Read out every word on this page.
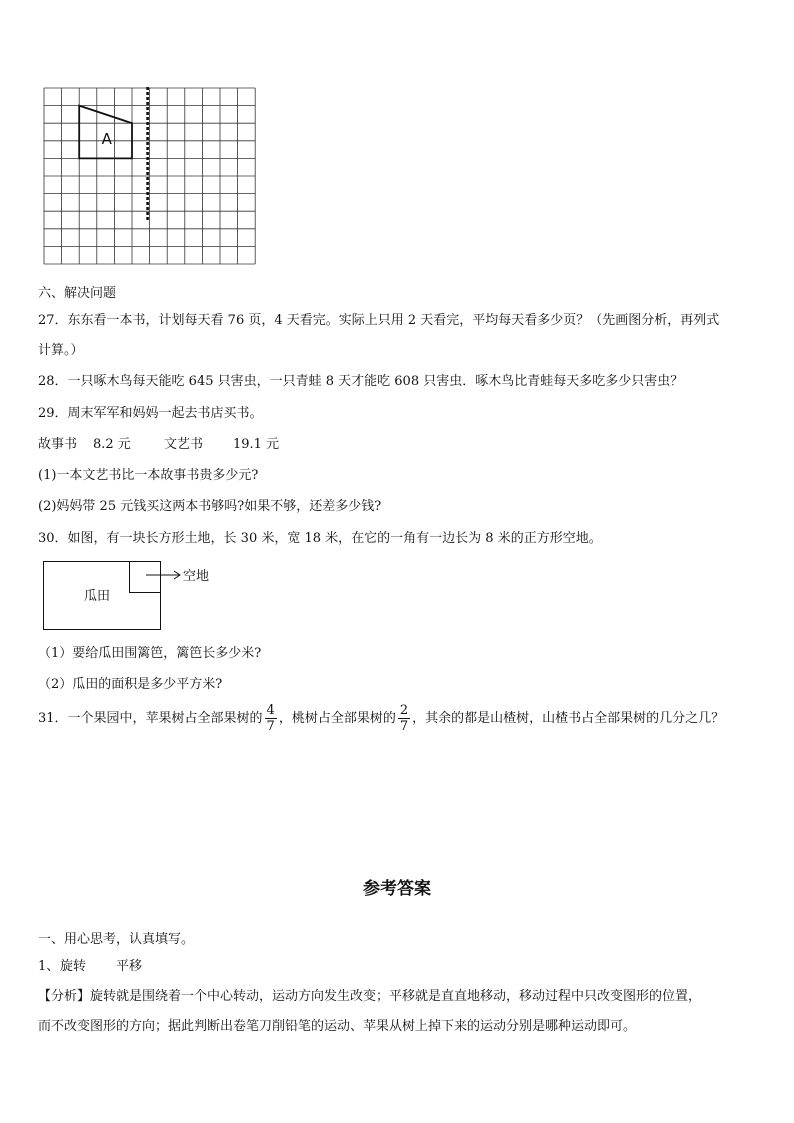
A
六、解决问题
27．东东看一本书，计划每天看 76 页，4 天看完。实际上只用 2 天看完，平均每天看多少页？（先画图分析，再列式
计算。）
28．一只啄木鸟每天能吃 645 只害虫，一只青蛙 8 天才能吃 608 只害虫．啄木鸟比青蛙每天多吃多少只害虫？
29．周末军军和妈妈一起去书店买书。
故事书 8.2 元	文艺书 19.1 元
(1)一本文艺书比一本故事书贵多少元?
(2)妈妈带 25 元钱买这两本书够吗?如果不够，还差多少钱?
30．如图，有一块长方形土地，长 30 米，宽 18 米，在它的一角有一边长为 8 米的正方形空地。
瓜田
空地
（1）要给瓜田围篱笆，篱笆长多少米?
（2）瓜田的面积是多少平方米?
31．一个果园中，苹果树占全部果树的 $\frac{4}{7}$ ，桃树占全部果树的 $\frac{2}{7}$ ，其余的都是山楂树，山楂书占全部果树的几分之几？
参考答案
一、用心思考，认真填写。
1、 旋转 平移
【分析】旋转就是围绕着一个中心转动，运动方向发生改变；平移就是直直地移动，移动过程中只改变图形的位置，
而不改变图形的方向；据此判断出卷笔刀削铅笔的运动、苹果从树上掉下来的运动分别是哪种运动即可。
